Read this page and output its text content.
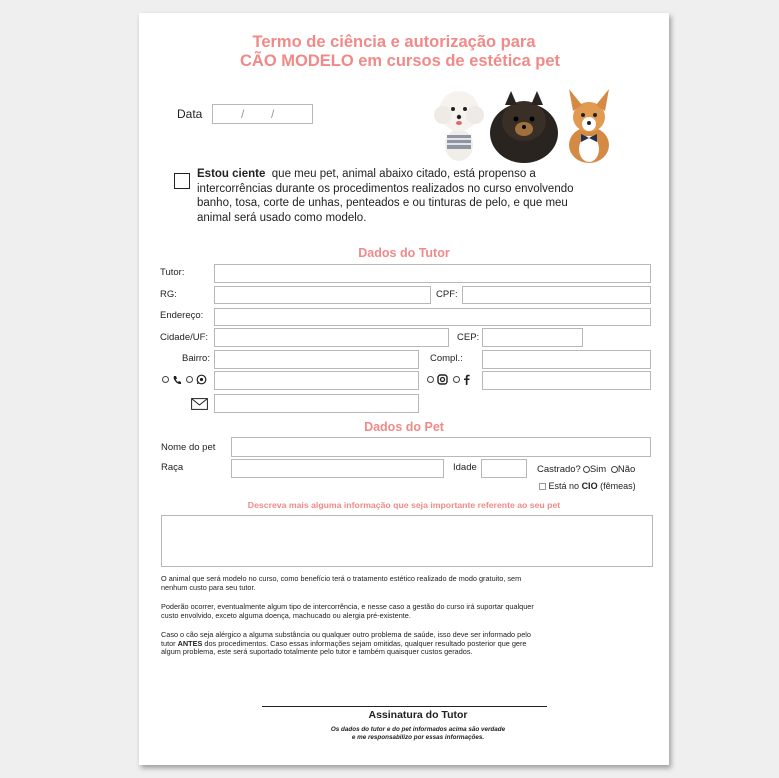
Termo de ciência e autorização para
CÃO MODELO em cursos de estética pet
Data	/ /
Estou ciente que meu pet, animal abaixo citado, está propenso a
intercorrências durante os procedimentos realizados no curso envolvendo
banho, tosa, corte de unhas, penteados e ou tinturas de pelo, e que meu
animal será usado como modelo.
Dados do Tutor
Tutor:
RG:	CPF:
Endereço:
Cidade/UF:	CEP:
Bairro:	Compl.:

Dados do Pet
Nome do pet
Raça	Idade	Castrado? Sim Não
Está no CIO (fêmeas)
Descreva mais alguma informação que seja importante referente ao seu pet
O animal que será modelo no curso, como benefício terá o tratamento estético realizado de modo gratuito, sem
nenhum custo para seu tutor.
Poderão ocorrer, eventualmente algum tipo de intercorrência, e nesse caso a gestão do curso irá suportar qualquer
custo envolvido, exceto alguma doença, machucado ou alergia pré-existente.
Caso o cão seja alérgico a alguma substância ou qualquer outro problema de saúde, isso deve ser informado pelo
tutor ANTES dos procedimentos. Caso essas informações sejam omitidas, qualquer resultado posterior que gere
algum problema, este será suportado totalmente pelo tutor e também quaisquer custos gerados.
Assinatura do Tutor
Os dados do tutor e do pet informados acima são verdade
e me responsabilizo por essas informações.
